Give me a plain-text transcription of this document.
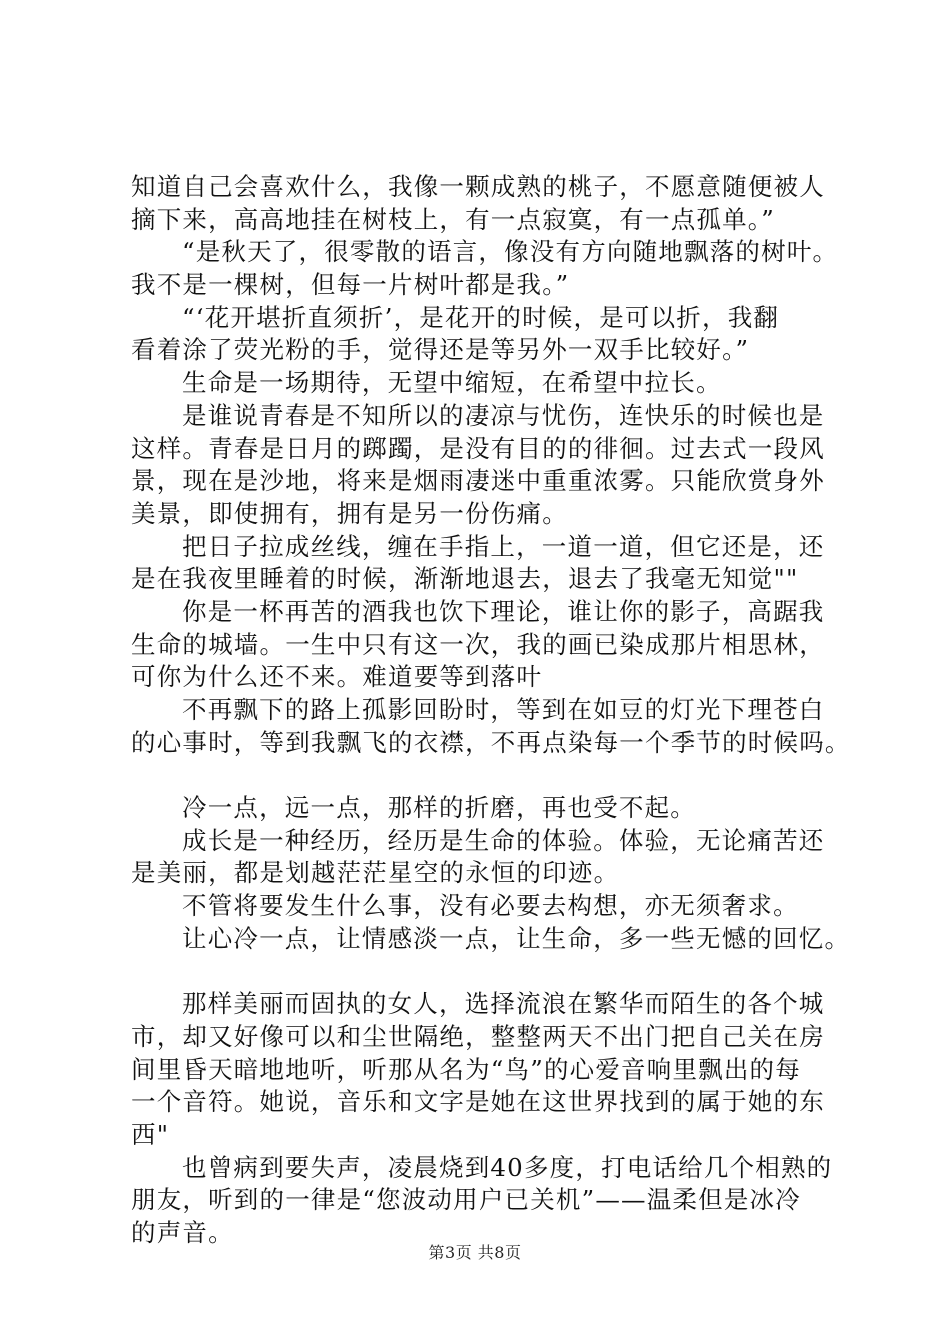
知道自己会喜欢什么，我像一颗成熟的桃子，不愿意随便被人
摘下来，高高地挂在树枝上，有一点寂寞，有一点孤单。”
“是秋天了，很零散的语言，像没有方向随地飘落的树叶。
我不是一棵树，但每一片树叶都是我。”
“‘花开堪折直须折’，是花开的时候，是可以折，我翻
看着涂了荧光粉的手，觉得还是等另外一双手比较好。”
生命是一场期待，无望中缩短，在希望中拉长。
是谁说青春是不知所以的凄凉与忧伤，连快乐的时候也是
这样。青春是日月的踯躅，是没有目的的徘徊。过去式一段风
景，现在是沙地，将来是烟雨凄迷中重重浓雾。只能欣赏身外
美景，即使拥有，拥有是另一份伤痛。
把日子拉成丝线，缠在手指上，一道一道，但它还是，还
是在我夜里睡着的时候，渐渐地退去，退去了我毫无知觉""
你是一杯再苦的酒我也饮下理论，谁让你的影子，高踞我
生命的城墙。一生中只有这一次，我的画已染成那片相思林，
可你为什么还不来。难道要等到落叶
不再飘下的路上孤影回盼时，等到在如豆的灯光下理苍白
的心事时，等到我飘飞的衣襟，不再点染每一个季节的时候吗。
冷一点，远一点，那样的折磨，再也受不起。
成长是一种经历，经历是生命的体验。体验，无论痛苦还
是美丽，都是划越茫茫星空的永恒的印迹。
不管将要发生什么事，没有必要去构想，亦无须奢求。
让心冷一点，让情感淡一点，让生命，多一些无憾的回忆。
那样美丽而固执的女人，选择流浪在繁华而陌生的各个城
市，却又好像可以和尘世隔绝，整整两天不出门把自己关在房
间里昏天暗地地听，听那从名为“鸟”的心爱音响里飘出的每
一个音符。她说，音乐和文字是她在这世界找到的属于她的东
西"
也曾病到要失声，凌晨烧到40多度，打电话给几个相熟的
朋友，听到的一律是“您波动用户已关机”——温柔但是冰冷
的声音。
第3页 共8页
